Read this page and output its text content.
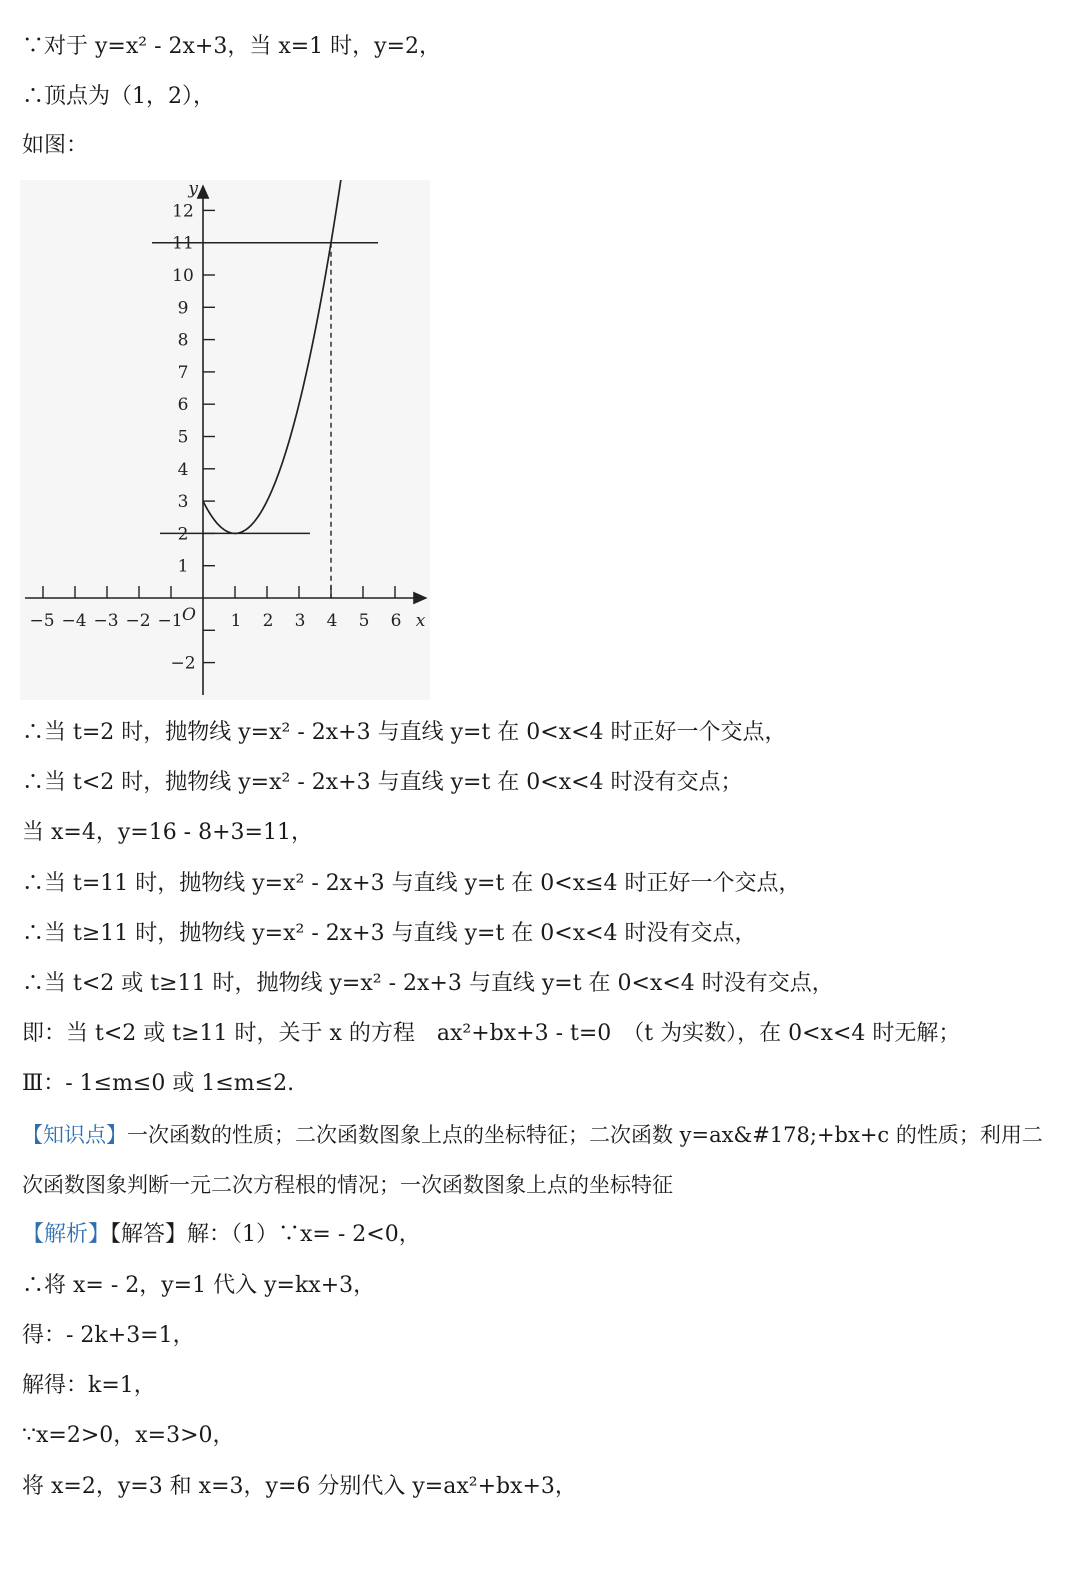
∵对于 y=x² - 2x+3，当 x=1 时，y=2，
∴顶点为（1，2），
如图：
−5 −4 −3 −2 −1	1 2 3 4 5 6
−2
1
2
3
4
5
6
7
8
9
10
11
12
y
x
O
∴当 t=2 时，抛物线 y=x² - 2x+3 与直线 y=t 在 0<x<4 时正好一个交点，
∴当 t<2 时，抛物线 y=x² - 2x+3 与直线 y=t 在 0<x<4 时没有交点；
当 x=4，y=16 - 8+3=11，
∴当 t=11 时，抛物线 y=x² - 2x+3 与直线 y=t 在 0<x≤4 时正好一个交点，
∴当 t≥11 时，抛物线 y=x² - 2x+3 与直线 y=t 在 0<x<4 时没有交点，
∴当 t<2 或 t≥11 时，抛物线 y=x² - 2x+3 与直线 y=t 在 0<x<4 时没有交点，
即：当 t<2 或 t≥11 时，关于 x 的方程　ax²+bx+3 - t=0　（t 为实数），在 0<x<4 时无解；
Ⅲ：- 1≤m≤0 或 1≤m≤2.
【知识点】一次函数的性质；二次函数图象上点的坐标特征；二次函数 y=ax&#178;+bx+c 的性质；利用二
次函数图象判断一元二次方程根的情况；一次函数图象上点的坐标特征
【解析】【解答】解：（1）∵x= - 2<0，
∴将 x= - 2，y=1 代入 y=kx+3，
得：- 2k+3=1，
解得：k=1，
∵x=2>0，x=3>0，
将 x=2，y=3 和 x=3，y=6 分别代入 y=ax²+bx+3，
